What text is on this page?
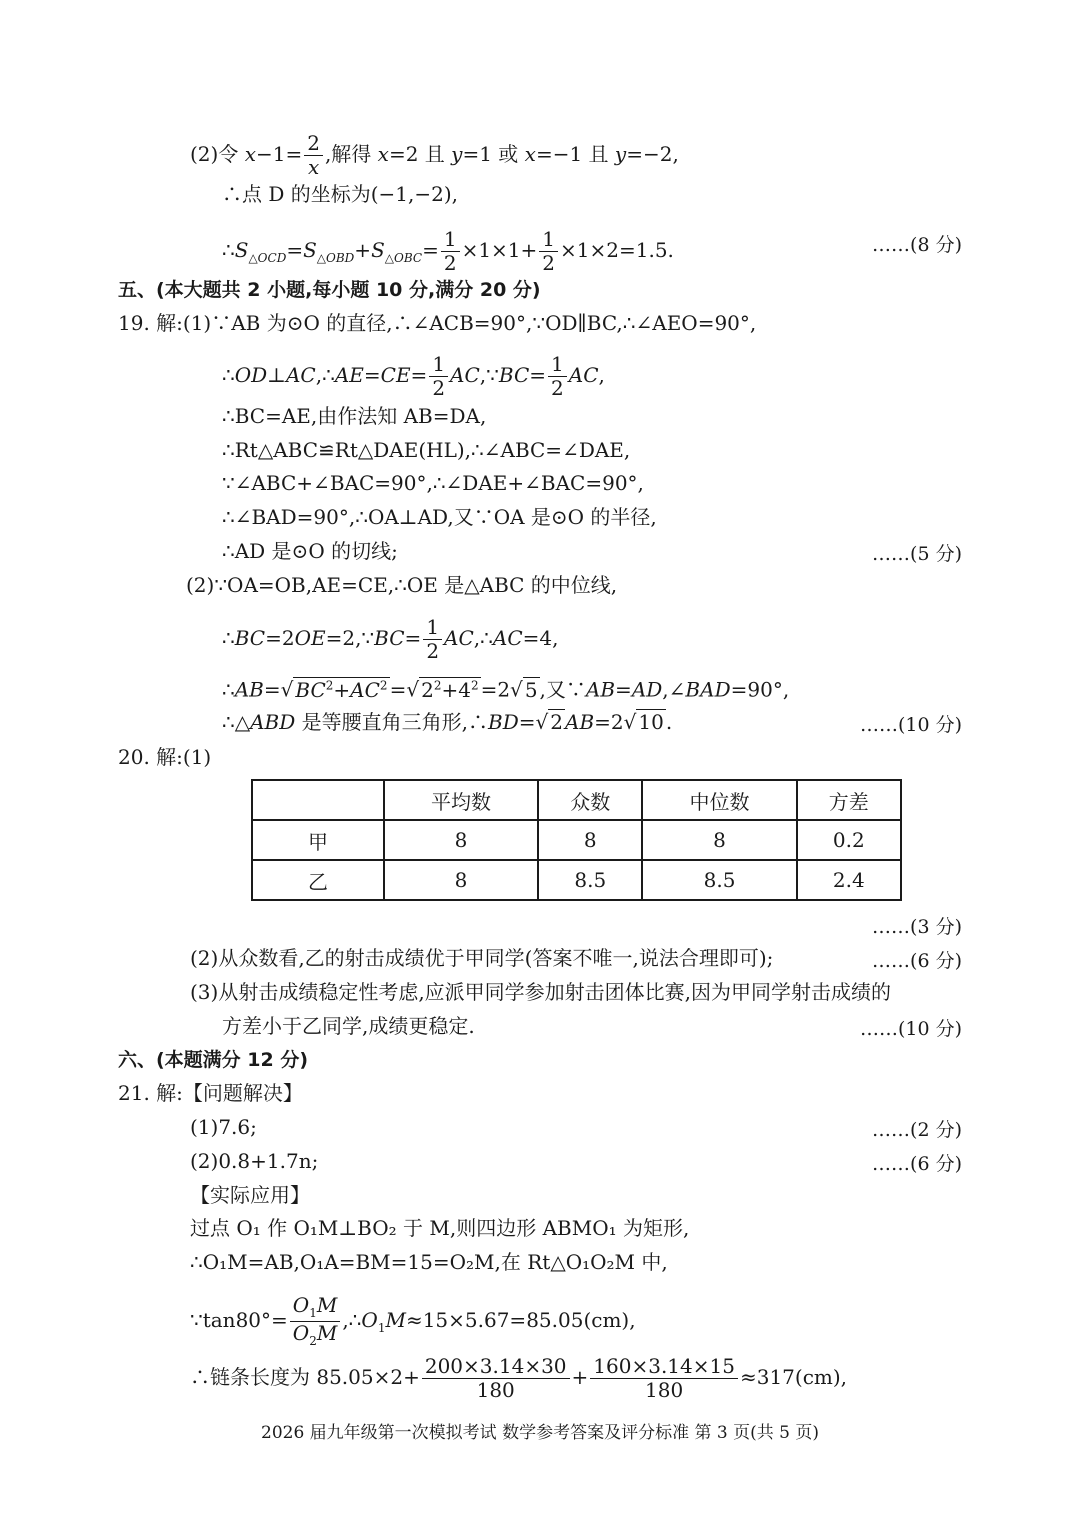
(2)令 $x-1= \frac{2}{x}$ ,解得 x=2 且 y=1 或 x=−1 且 y=−2,
∴点 D 的坐标为(−1,−2),
$\therefore S_{\triangle OCD}=S_{\triangle OBD}+S_{\triangle OBC}= \frac{1}{2} \times 1\times 1+ \frac{1}{2} \times 1\times 2=1.5$.	……(8 分)
五、(本大题共 2 小题,每小题 10 分,满分 20 分)
19. 解:(1)∵AB 为⊙O 的直径,∴∠ACB=90°,∵OD∥BC,∴∠AEO=90°,
∴OD⊥AC,∴AE=CE= $\frac{1}{2}$ AC,∵BC= $\frac{1}{2}$ AC,
∴BC=AE,由作法知 AB=DA,
∴Rt△ABC≌Rt△DAE(HL),∴∠ABC=∠DAE,
∵∠ABC+∠BAC=90°,∴∠DAE+∠BAC=90°,
∴∠BAD=90°,∴OA⊥AD,又∵OA 是⊙O 的半径,
∴AD 是⊙O 的切线;	……(5 分)
(2)∵OA=OB,AE=CE,∴OE 是△ABC 的中位线,
∴BC=2OE=2,∵BC= $\frac{1}{2}$ AC,∴AC=4,
∴AB=√ $BC^2+AC^2$ =√ $2^2+4^2 =2√$ 5 ,又∵AB=AD,∠BAD=90°,
∴△ABD 是等腰直角三角形,∴BD=√ 2 AB=2√ 10 .	……(10 分)
20. 解:(1)
	平均数	众数	中位数	方差
甲	8	8	8	0.2
乙	8	8.5	8.5	2.4
……(3 分)
(2)从众数看,乙的射击成绩优于甲同学(答案不唯一,说法合理即可);	……(6 分)
(3)从射击成绩稳定性考虑,应派甲同学参加射击团体比赛,因为甲同学射击成绩的
方差小于乙同学,成绩更稳定.	……(10 分)
六、(本题满分 12 分)
21. 解:【问题解决】
(1)7.6;	……(2 分)
(2)0.8+1.7n;	……(6 分)
【实际应用】
过点 O₁ 作 O₁M⊥BO₂ 于 M,则四边形 ABMO₁ 为矩形,
∴O₁M=AB,O₁A=BM=15=O₂M,在 Rt△O₁O₂M 中,
∵tan80°= $\frac{O_1M}{O_2M}$ $,\therefore O_1M\approx 15\times 5.67=85.05(cm)$,
∴链条长度为 $85.05\times 2+ \frac{200\times 3.14\times 30}{180} + \frac{160\times 3.14\times 15}{180} \approx 317(cm)$,
2026 届九年级第一次模拟考试 数学参考答案及评分标准 第 3 页(共 5 页)
